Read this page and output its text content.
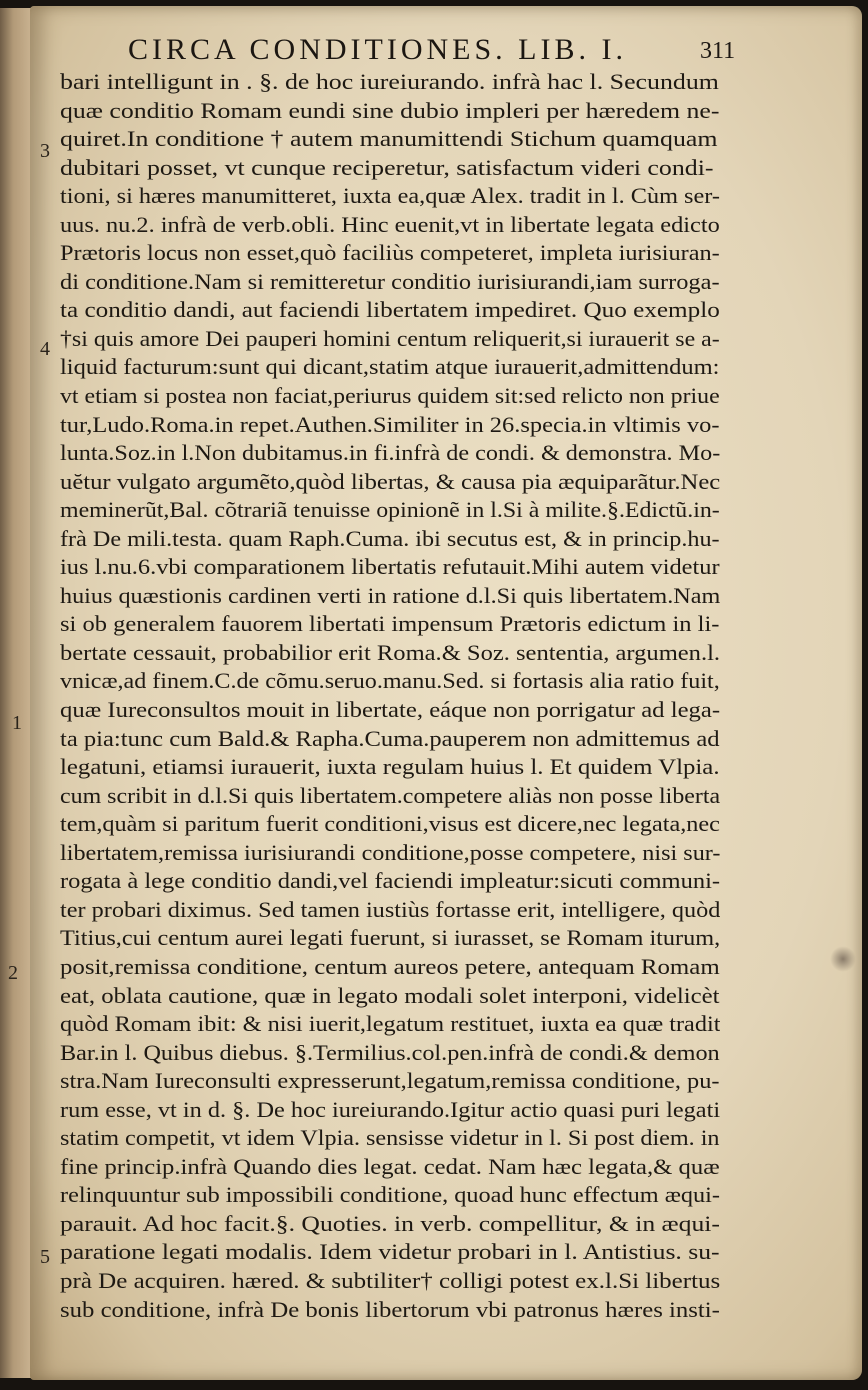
CIRCA CONDITIONES. LIB. I.	311
3
4
1
2
5
bari intelligunt in . §. de hoc iureiurando. infrà hac l. Secundum
quæ conditio Romam eundi sine dubio impleri per hæredem ne-
quiret.In conditione † autem manumittendi Stichum quamquam
dubitari posset, vt cunque reciperetur, satisfactum videri condi-
tioni, si hæres manumitteret, iuxta ea,quæ Alex. tradit in l. Cùm ser-
uus. nu.2. infrà de verb.obli. Hinc euenit,vt in libertate legata edicto
Prætoris locus non esset,quò faciliùs competeret, impleta iurisiuran-
di conditione.Nam si remitteretur conditio iurisiurandi,iam surroga-
ta conditio dandi, aut faciendi libertatem impediret. Quo exemplo
†si quis amore Dei pauperi homini centum reliquerit,si iurauerit se a-
liquid facturum:sunt qui dicant,statim atque iurauerit,admittendum:
vt etiam si postea non faciat,periurus quidem sit:sed relicto non priue
tur,Ludo.Roma.in repet.Authen.Similiter in 26.specia.in vltimis vo-
lunta.Soz.in l.Non dubitamus.in fi.infrà de condi. & demonstra. Mo-
uĕtur vulgato argumẽto,quòd libertas, & causa pia æquiparãtur.Nec
meminerũt,Bal. cõtrariã tenuisse opinionẽ in l.Si à milite.§.Edictũ.in-
frà De mili.testa. quam Raph.Cuma. ibi secutus est, & in princip.hu-
ius l.nu.6.vbi comparationem libertatis refutauit.Mihi autem videtur
huius quæstionis cardinen verti in ratione d.l.Si quis libertatem.Nam
si ob generalem fauorem libertati impensum Prætoris edictum in li-
bertate cessauit, probabilior erit Roma.& Soz. sententia, argumen.l.
vnicæ,ad finem.C.de cõmu.seruo.manu.Sed. si fortasis alia ratio fuit,
quæ Iureconsultos mouit in libertate, eáque non porrigatur ad lega-
ta pia:tunc cum Bald.& Rapha.Cuma.pauperem non admittemus ad
legatuni, etiamsi iurauerit, iuxta regulam huius l. Et quidem Vlpia.
cum scribit in d.l.Si quis libertatem.competere aliàs non posse liberta
tem,quàm si paritum fuerit conditioni,visus est dicere,nec legata,nec
libertatem,remissa iurisiurandi conditione,posse competere, nisi sur-
rogata à lege conditio dandi,vel faciendi impleatur:sicuti communi-
ter probari diximus. Sed tamen iustiùs fortasse erit, intelligere, quòd
Titius,cui centum aurei legati fuerunt, si iurasset, se Romam iturum,
posit,remissa conditione, centum aureos petere, antequam Romam
eat, oblata cautione, quæ in legato modali solet interponi, videlicèt
quòd Romam ibit: & nisi iuerit,legatum restituet, iuxta ea quæ tradit
Bar.in l. Quibus diebus. §.Termilius.col.pen.infrà de condi.& demon
stra.Nam Iureconsulti expresserunt,legatum,remissa conditione, pu-
rum esse, vt in d. §. De hoc iureiurando.Igitur actio quasi puri legati
statim competit, vt idem Vlpia. sensisse videtur in l. Si post diem. in
fine princip.infrà Quando dies legat. cedat. Nam hæc legata,& quæ
relinquuntur sub impossibili conditione, quoad hunc effectum æqui-
parauit. Ad hoc facit.§. Quoties. in verb. compellitur, & in æqui-
paratione legati modalis. Idem videtur probari in l. Antistius. su-
prà De acquiren. hæred. & subtiliter† colligi potest ex.l.Si libertus
sub conditione, infrà De bonis libertorum vbi patronus hæres insti-
